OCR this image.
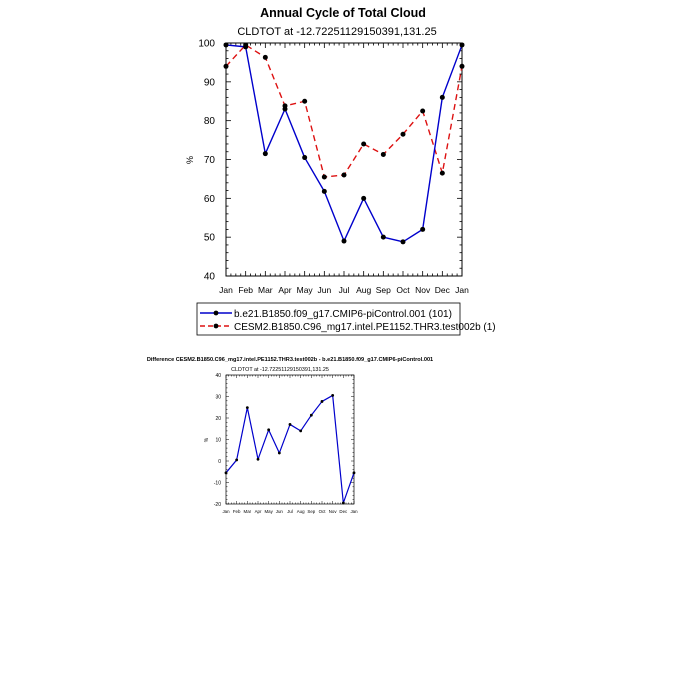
Annual Cycle of Total Cloud
CLDTOT at -12.72251129150391,131.25
%
40
50
60
70
80
90
100
Jan Feb Mar Apr May Jun Jul Aug Sep Oct Nov Dec Jan
b.e21.B1850.f09_g17.CMIP6-piControl.001 (101)
CESM2.B1850.C96_mg17.intel.PE1152.THR3.test002b (1)
Difference CESM2.B1850.C96_mg17.intel.PE1152.THR3.test002b - b.e21.B1850.f09_g17.CMIP6-piControl.001
CLDTOT at -12.72251129150391,131.25
%
-20
-10
0
10
20
30
40
Jan Feb Mar Apr May Jun Jul Aug Sep Oct Nov Dec Jan
